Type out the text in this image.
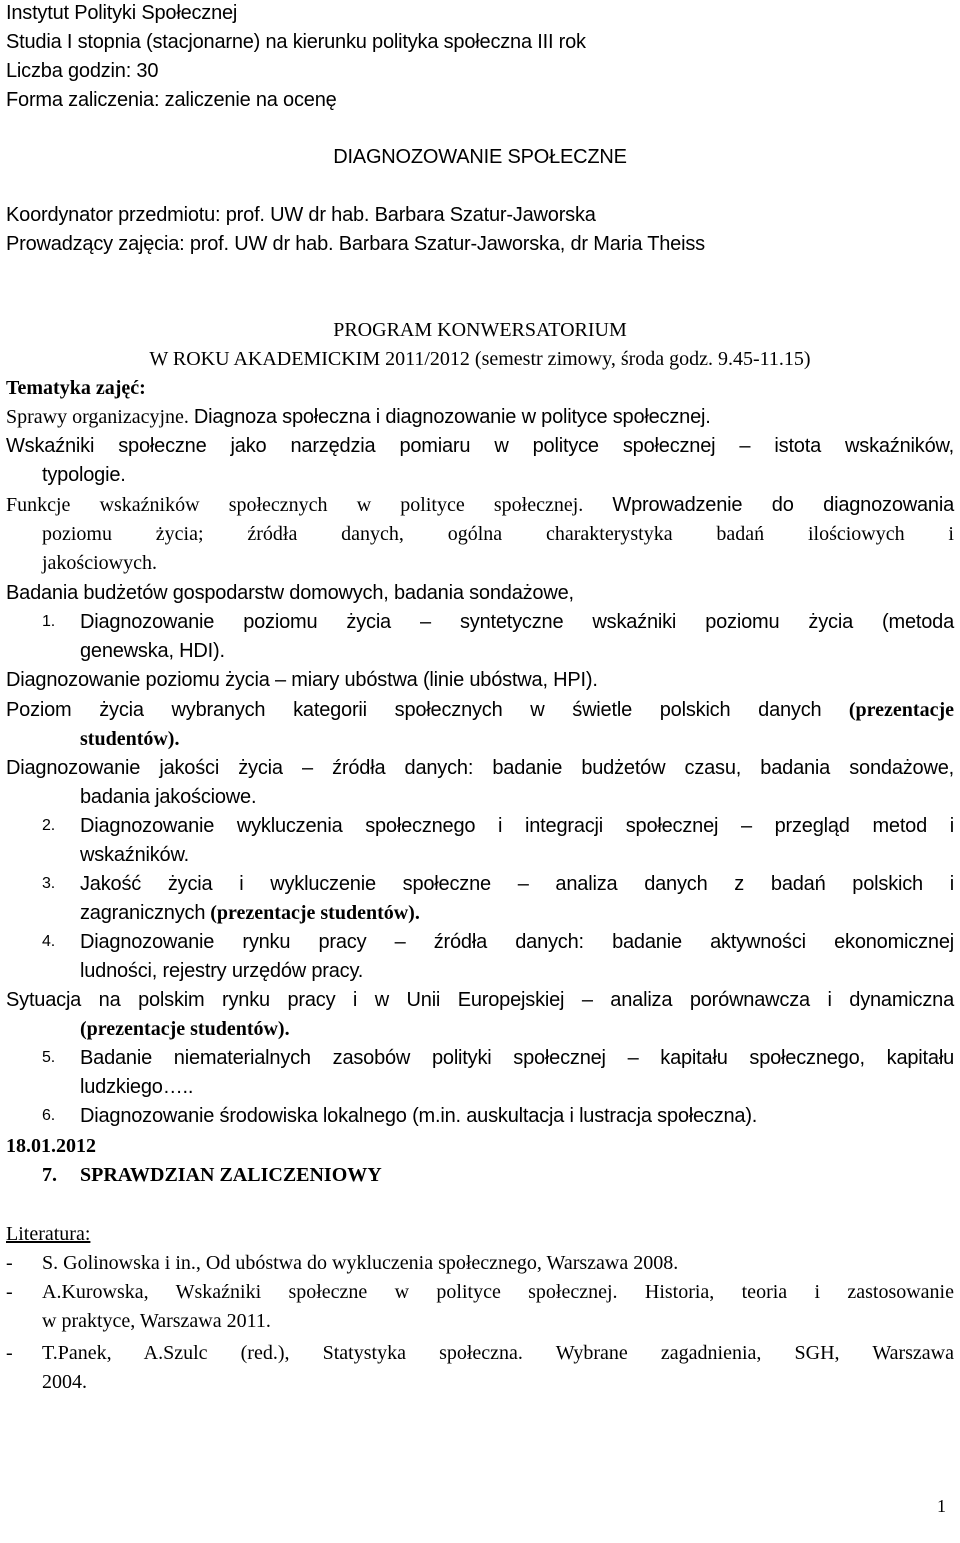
Instytut Polityki Społecznej
Studia I stopnia (stacjonarne) na kierunku polityka społeczna III rok
Liczba godzin: 30
Forma zaliczenia: zaliczenie na ocenę
DIAGNOZOWANIE SPOŁECZNE
Koordynator przedmiotu: prof. UW dr hab. Barbara Szatur-Jaworska
Prowadzący zajęcia: prof. UW dr hab. Barbara Szatur-Jaworska, dr Maria Theiss
PROGRAM KONWERSATORIUM
W ROKU AKADEMICKIM 2011/2012 (semestr zimowy, środa godz. 9.45-11.15)
Tematyka zajęć:
Sprawy organizacyjne. Diagnoza społeczna i diagnozowanie w polityce społecznej.
Wskaźniki społeczne jako narzędzia pomiaru w polityce społecznej – istota wskaźników,
typologie.
Funkcje wskaźników społecznych w polityce społecznej. Wprowadzenie do diagnozowania
poziomu życia; źródła danych, ogólna charakterystyka badań ilościowych i
jakościowych.
Badania budżetów gospodarstw domowych, badania sondażowe,
1. Diagnozowanie poziomu życia – syntetyczne wskaźniki poziomu życia (metoda
genewska, HDI).
Diagnozowanie poziomu życia – miary ubóstwa (linie ubóstwa, HPI).
Poziom życia wybranych kategorii społecznych w świetle polskich danych (prezentacje
studentów).
Diagnozowanie jakości życia – źródła danych: badanie budżetów czasu, badania sondażowe,
badania jakościowe.
2. Diagnozowanie wykluczenia społecznego i integracji społecznej – przegląd metod i
wskaźników.
3. Jakość życia i wykluczenie społeczne – analiza danych z badań polskich i
zagranicznych (prezentacje studentów).
4. Diagnozowanie rynku pracy – źródła danych: badanie aktywności ekonomicznej
ludności, rejestry urzędów pracy.
Sytuacja na polskim rynku pracy i w Unii Europejskiej – analiza porównawcza i dynamiczna
(prezentacje studentów).
5. Badanie niematerialnych zasobów polityki społecznej – kapitału społecznego, kapitału
ludzkiego…..
6. Diagnozowanie środowiska lokalnego (m.in. auskultacja i lustracja społeczna).
18.01.2012
7. SPRAWDZIAN ZALICZENIOWY
Literatura:
- S. Golinowska i in., Od ubóstwa do wykluczenia społecznego, Warszawa 2008.
- A.Kurowska, Wskaźniki społeczne w polityce społecznej. Historia, teoria i zastosowanie
w praktyce, Warszawa 2011.
- T.Panek, A.Szulc (red.), Statystyka społeczna. Wybrane zagadnienia, SGH, Warszawa
2004.
1
